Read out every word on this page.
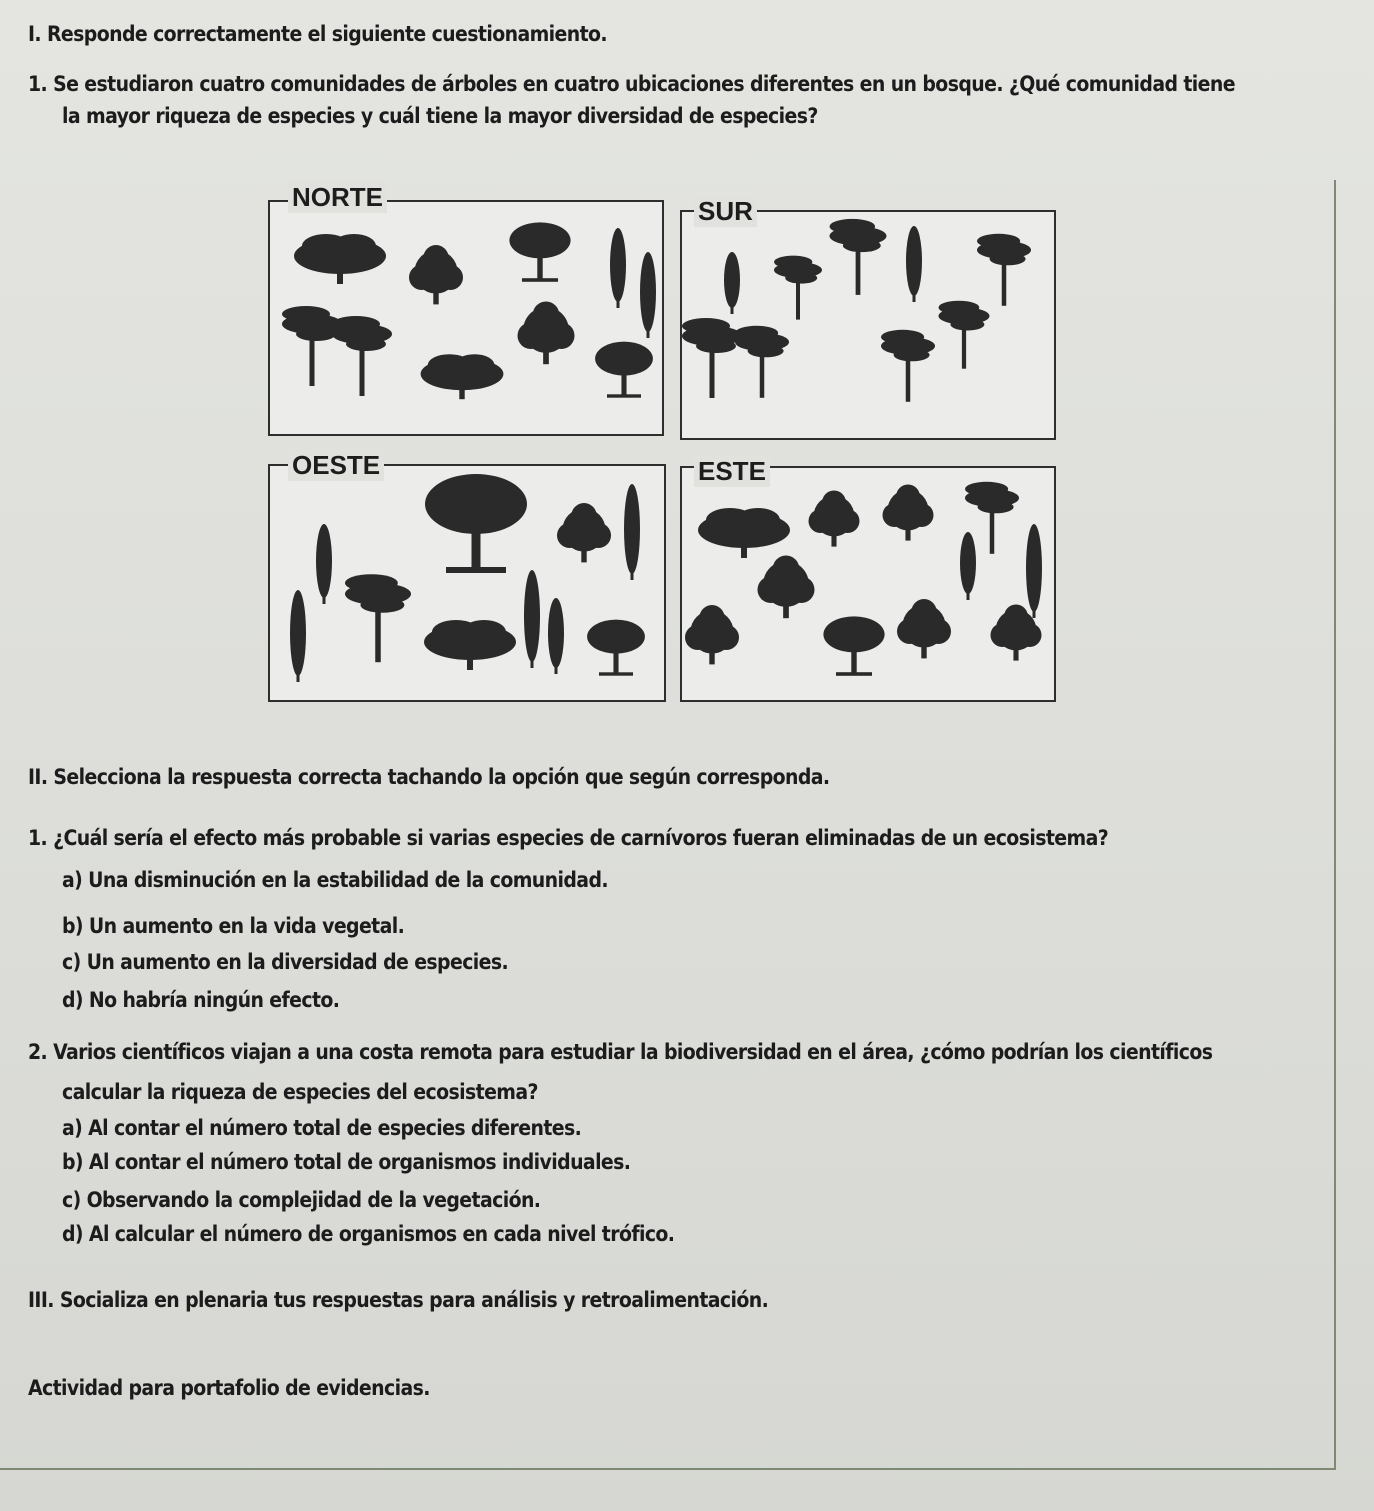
I. Responde correctamente el siguiente cuestionamiento.

1. Se estudiaron cuatro comunidades de árboles en cuatro ubicaciones diferentes en un bosque. ¿Qué comunidad tiene

la mayor riqueza de especies y cuál tiene la mayor diversidad de especies?

NORTE	SUR
OESTE	ESTE

II. Selecciona la respuesta correcta tachando la opción que según corresponda.

1. ¿Cuál sería el efecto más probable si varias especies de carnívoros fueran eliminadas de un ecosistema?

a) Una disminución en la estabilidad de la comunidad.

b) Un aumento en la vida vegetal.

c) Un aumento en la diversidad de especies.

d) No habría ningún efecto.

2. Varios científicos viajan a una costa remota para estudiar la biodiversidad en el área, ¿cómo podrían los científicos

calcular la riqueza de especies del ecosistema?

a) Al contar el número total de especies diferentes.

b) Al contar el número total de organismos individuales.

c) Observando la complejidad de la vegetación.

d) Al calcular el número de organismos en cada nivel trófico.

III. Socializa en plenaria tus respuestas para análisis y retroalimentación.

Actividad para portafolio de evidencias.
